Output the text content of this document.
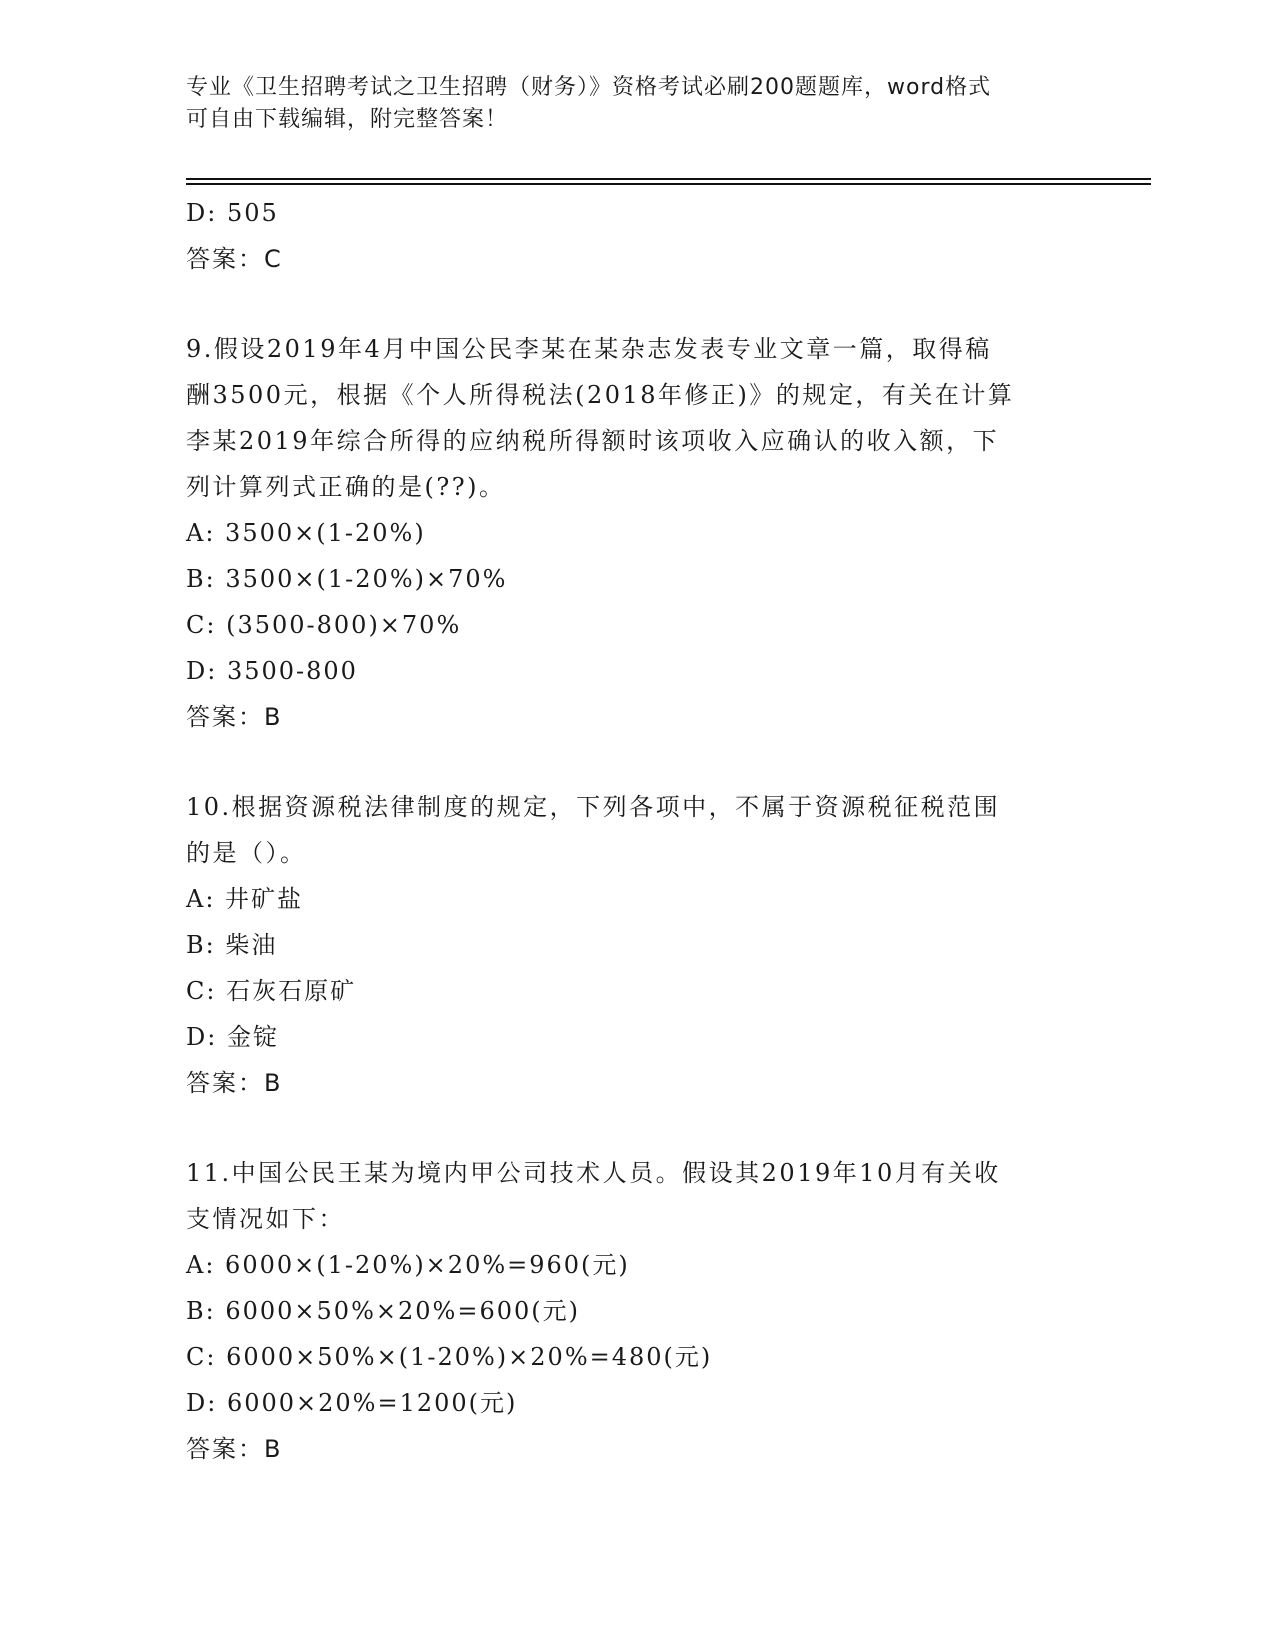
专业《卫生招聘考试之卫生招聘（财务）》资格考试必刷200题题库，word格式
可自由下载编辑，附完整答案！
D: 505
答案：C
9.假设2019年4月中国公民李某在某杂志发表专业文章一篇，取得稿
酬3500元，根据《个人所得税法(2018年修正)》的规定，有关在计算
李某2019年综合所得的应纳税所得额时该项收入应确认的收入额，下
列计算列式正确的是(??)。
A: 3500×(1-20%)
B: 3500×(1-20%)×70%
C: (3500-800)×70%
D: 3500-800
答案：B
10.根据资源税法律制度的规定，下列各项中，不属于资源税征税范围
的是（）。
A: 井矿盐
B: 柴油
C: 石灰石原矿
D: 金锭
答案：B
11.中国公民王某为境内甲公司技术人员。假设其2019年10月有关收
支情况如下：
A: 6000×(1-20%)×20%=960(元)
B: 6000×50%×20%=600(元)
C: 6000×50%×(1-20%)×20%=480(元)
D: 6000×20%=1200(元)
答案：B
